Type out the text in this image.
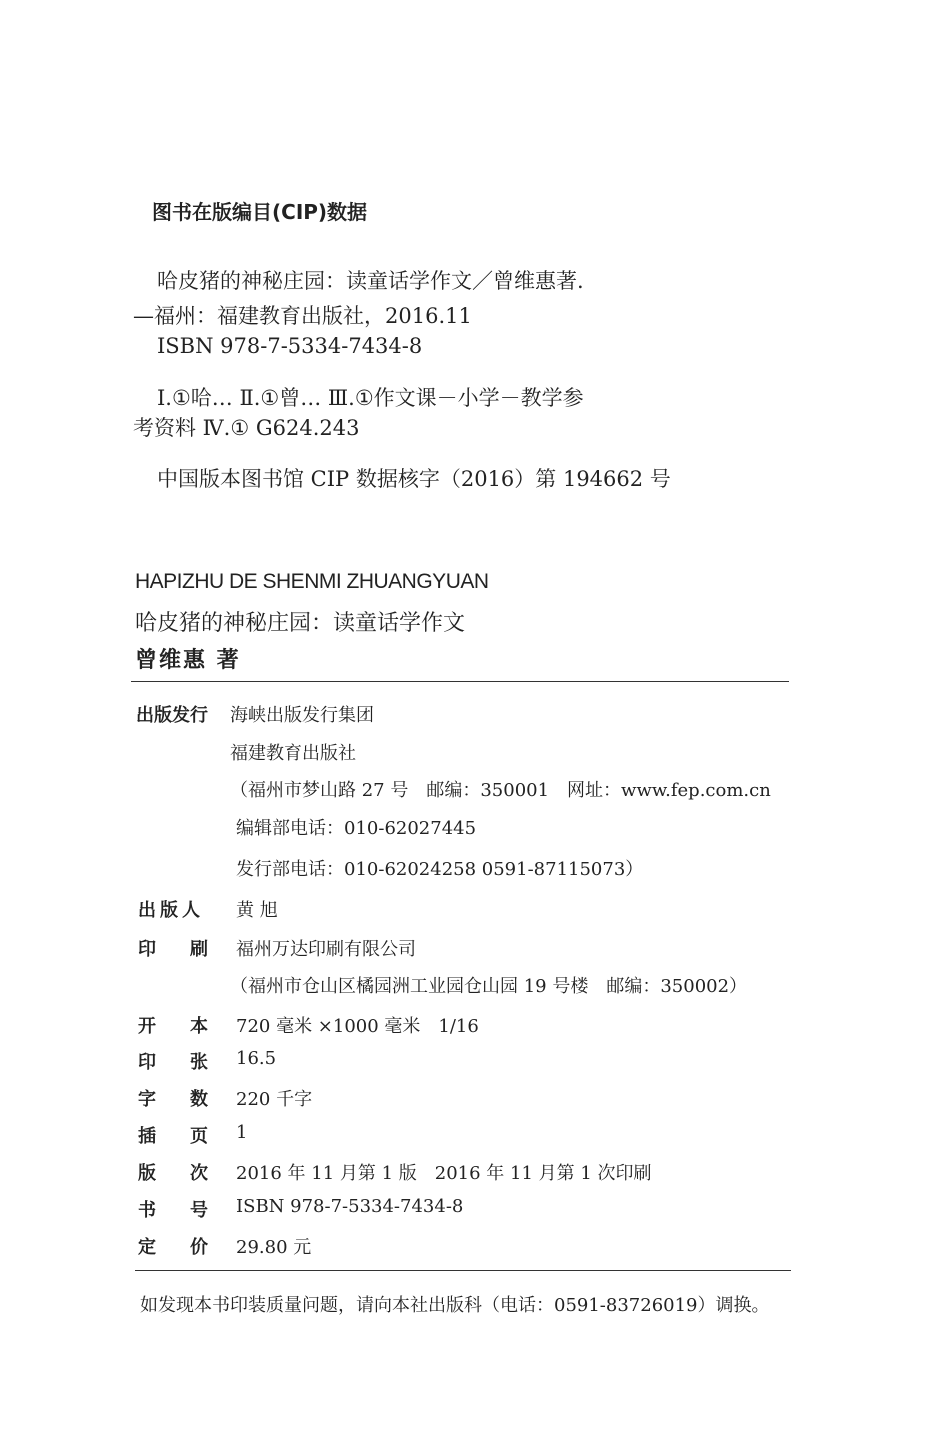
图书在版编目(CIP)数据
哈皮猪的神秘庄园：读童话学作文／曾维惠著.
—福州：福建教育出版社，2016.11
ISBN 978-7-5334-7434-8
Ⅰ.①哈… Ⅱ.①曾… Ⅲ.①作文课－小学－教学参
考资料 Ⅳ.① G624.243
中国版本图书馆 CIP 数据核字（2016）第 194662 号
HAPIZHU DE SHENMI ZHUANGYUAN
哈皮猪的神秘庄园：读童话学作文
曾维惠 著
出版发行 海峡出版发行集团
福建教育出版社
（福州市梦山路 27 号　邮编：350001　网址：www.fep.com.cn
编辑部电话：010-62027445
发行部电话：010-62024258 0591-87115073）
出版人 黄 旭
印 刷 福州万达印刷有限公司
（福州市仓山区橘园洲工业园仓山园 19 号楼　邮编：350002）
开 本 720 毫米 ×1000 毫米　1/16
印 张 16.5
字 数 220 千字
插 页 1
版 次 2016 年 11 月第 1 版　2016 年 11 月第 1 次印刷
书 号 ISBN 978-7-5334-7434-8
定 价 29.80 元
如发现本书印装质量问题，请向本社出版科（电话：0591-83726019）调换。
